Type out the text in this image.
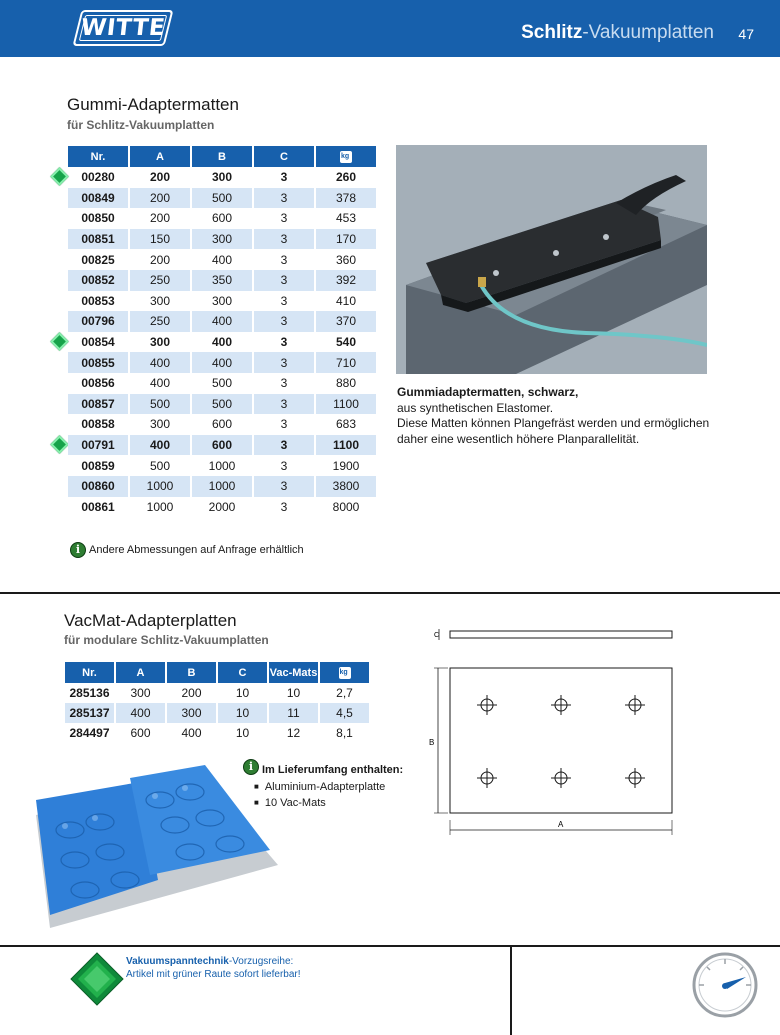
WITTE	Schlitz-Vakuumplatten 47
Gummi-Adaptermatten
für Schlitz-Vakuumplatten
Nr.	A	B	C	kg
00280	200	300	3	260
00849	200	500	3	378
00850	200	600	3	453
00851	150	300	3	170
00825	200	400	3	360
00852	250	350	3	392
00853	300	300	3	410
00796	250	400	3	370
00854	300	400	3	540
00855	400	400	3	710
00856	400	500	3	880
00857	500	500	3	1100
00858	300	600	3	683
00791	400	600	3	1100
00859	500	1000	3	1900
00860	1000	1000	3	3800
00861	1000	2000	3	8000
Gummiadaptermatten, schwarz,
aus synthetischen Elastomer.
Diese Matten können Plangefräst werden und ermöglichen
daher eine wesentlich höhere Planparallelität.
i Andere Abmessungen auf Anfrage erhältlich
VacMat-Adapterplatten
für modulare Schlitz-Vakuumplatten
Nr.	A	B	C	Vac-Mats	kg
285136	300	200	10	10	2,7
285137	400	300	10	11	4,5
284497	600	400	10	12	8,1
i Im Lieferumfang enthalten:
■ Aluminium-Adapterplatte
■ 10 Vac-Mats
C
B
A
Vakuumspanntechnik-Vorzugsreihe:
Artikel mit grüner Raute sofort lieferbar!
